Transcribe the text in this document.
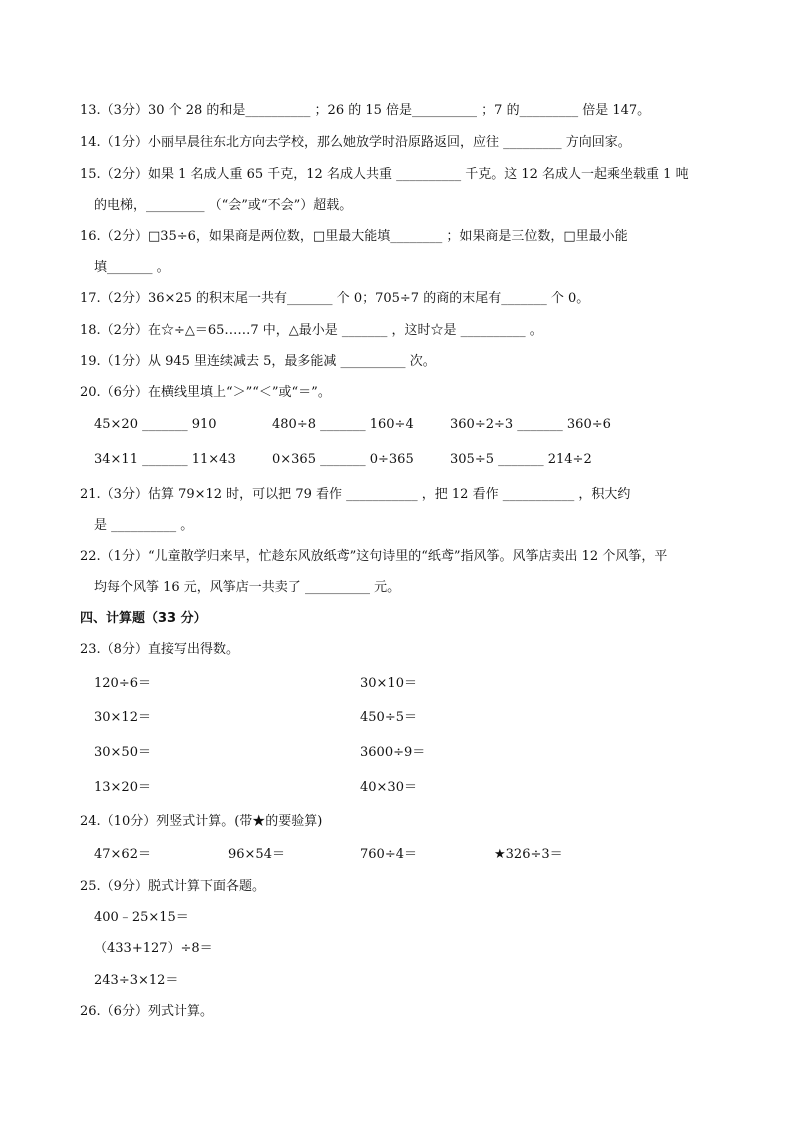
13.（3分）30 个 28 的和是__________ ；26 的 15 倍是__________ ；7 的_________ 倍是 147。
14.（1分）小丽早晨往东北方向去学校，那么她放学时沿原路返回，应往 _________ 方向回家。
15.（2分）如果 1 名成人重 65 千克，12 名成人共重 __________ 千克。这 12 名成人一起乘坐载重 1 吨
的电梯，_________ （“会”或“不会”）超载。
16.（2分）□35÷6，如果商是两位数，□里最大能填________ ；如果商是三位数，□里最小能
填_______ 。
17.（2分）36×25 的积末尾一共有_______ 个 0；705÷7 的商的末尾有_______ 个 0。
18.（2分）在☆÷△＝65……7 中，△最小是 _______ ，这时☆是 __________ 。
19.（1分）从 945 里连续减去 5，最多能减 __________ 次。
20.（6分）在横线里填上“＞”“＜”或“＝”。
45×20 _______ 910	480÷8 _______ 160÷4	360÷2÷3 _______ 360÷6
34×11 _______ 11×43	0×365 _______ 0÷365	305÷5 _______ 214÷2
21.（3分）估算 79×12 时，可以把 79 看作 ___________ ，把 12 看作 ___________ ，积大约
是 __________ 。
22.（1分）“儿童散学归来早，忙趁东风放纸鸢”这句诗里的“纸鸢”指风筝。风筝店卖出 12 个风筝，平
均每个风筝 16 元，风筝店一共卖了 __________ 元。
四、计算题（33 分）
23.（8分）直接写出得数。
120÷6＝	30×10＝
30×12＝	450÷5＝
30×50＝	3600÷9＝
13×20＝	40×30＝
24.（10分）列竖式计算。(带★的要验算)
47×62＝	96×54＝	760÷4＝	★326÷3＝
25.（9分）脱式计算下面各题。
400﹣25×15＝
（433+127）÷8＝
243÷3×12＝
26.（6分）列式计算。
